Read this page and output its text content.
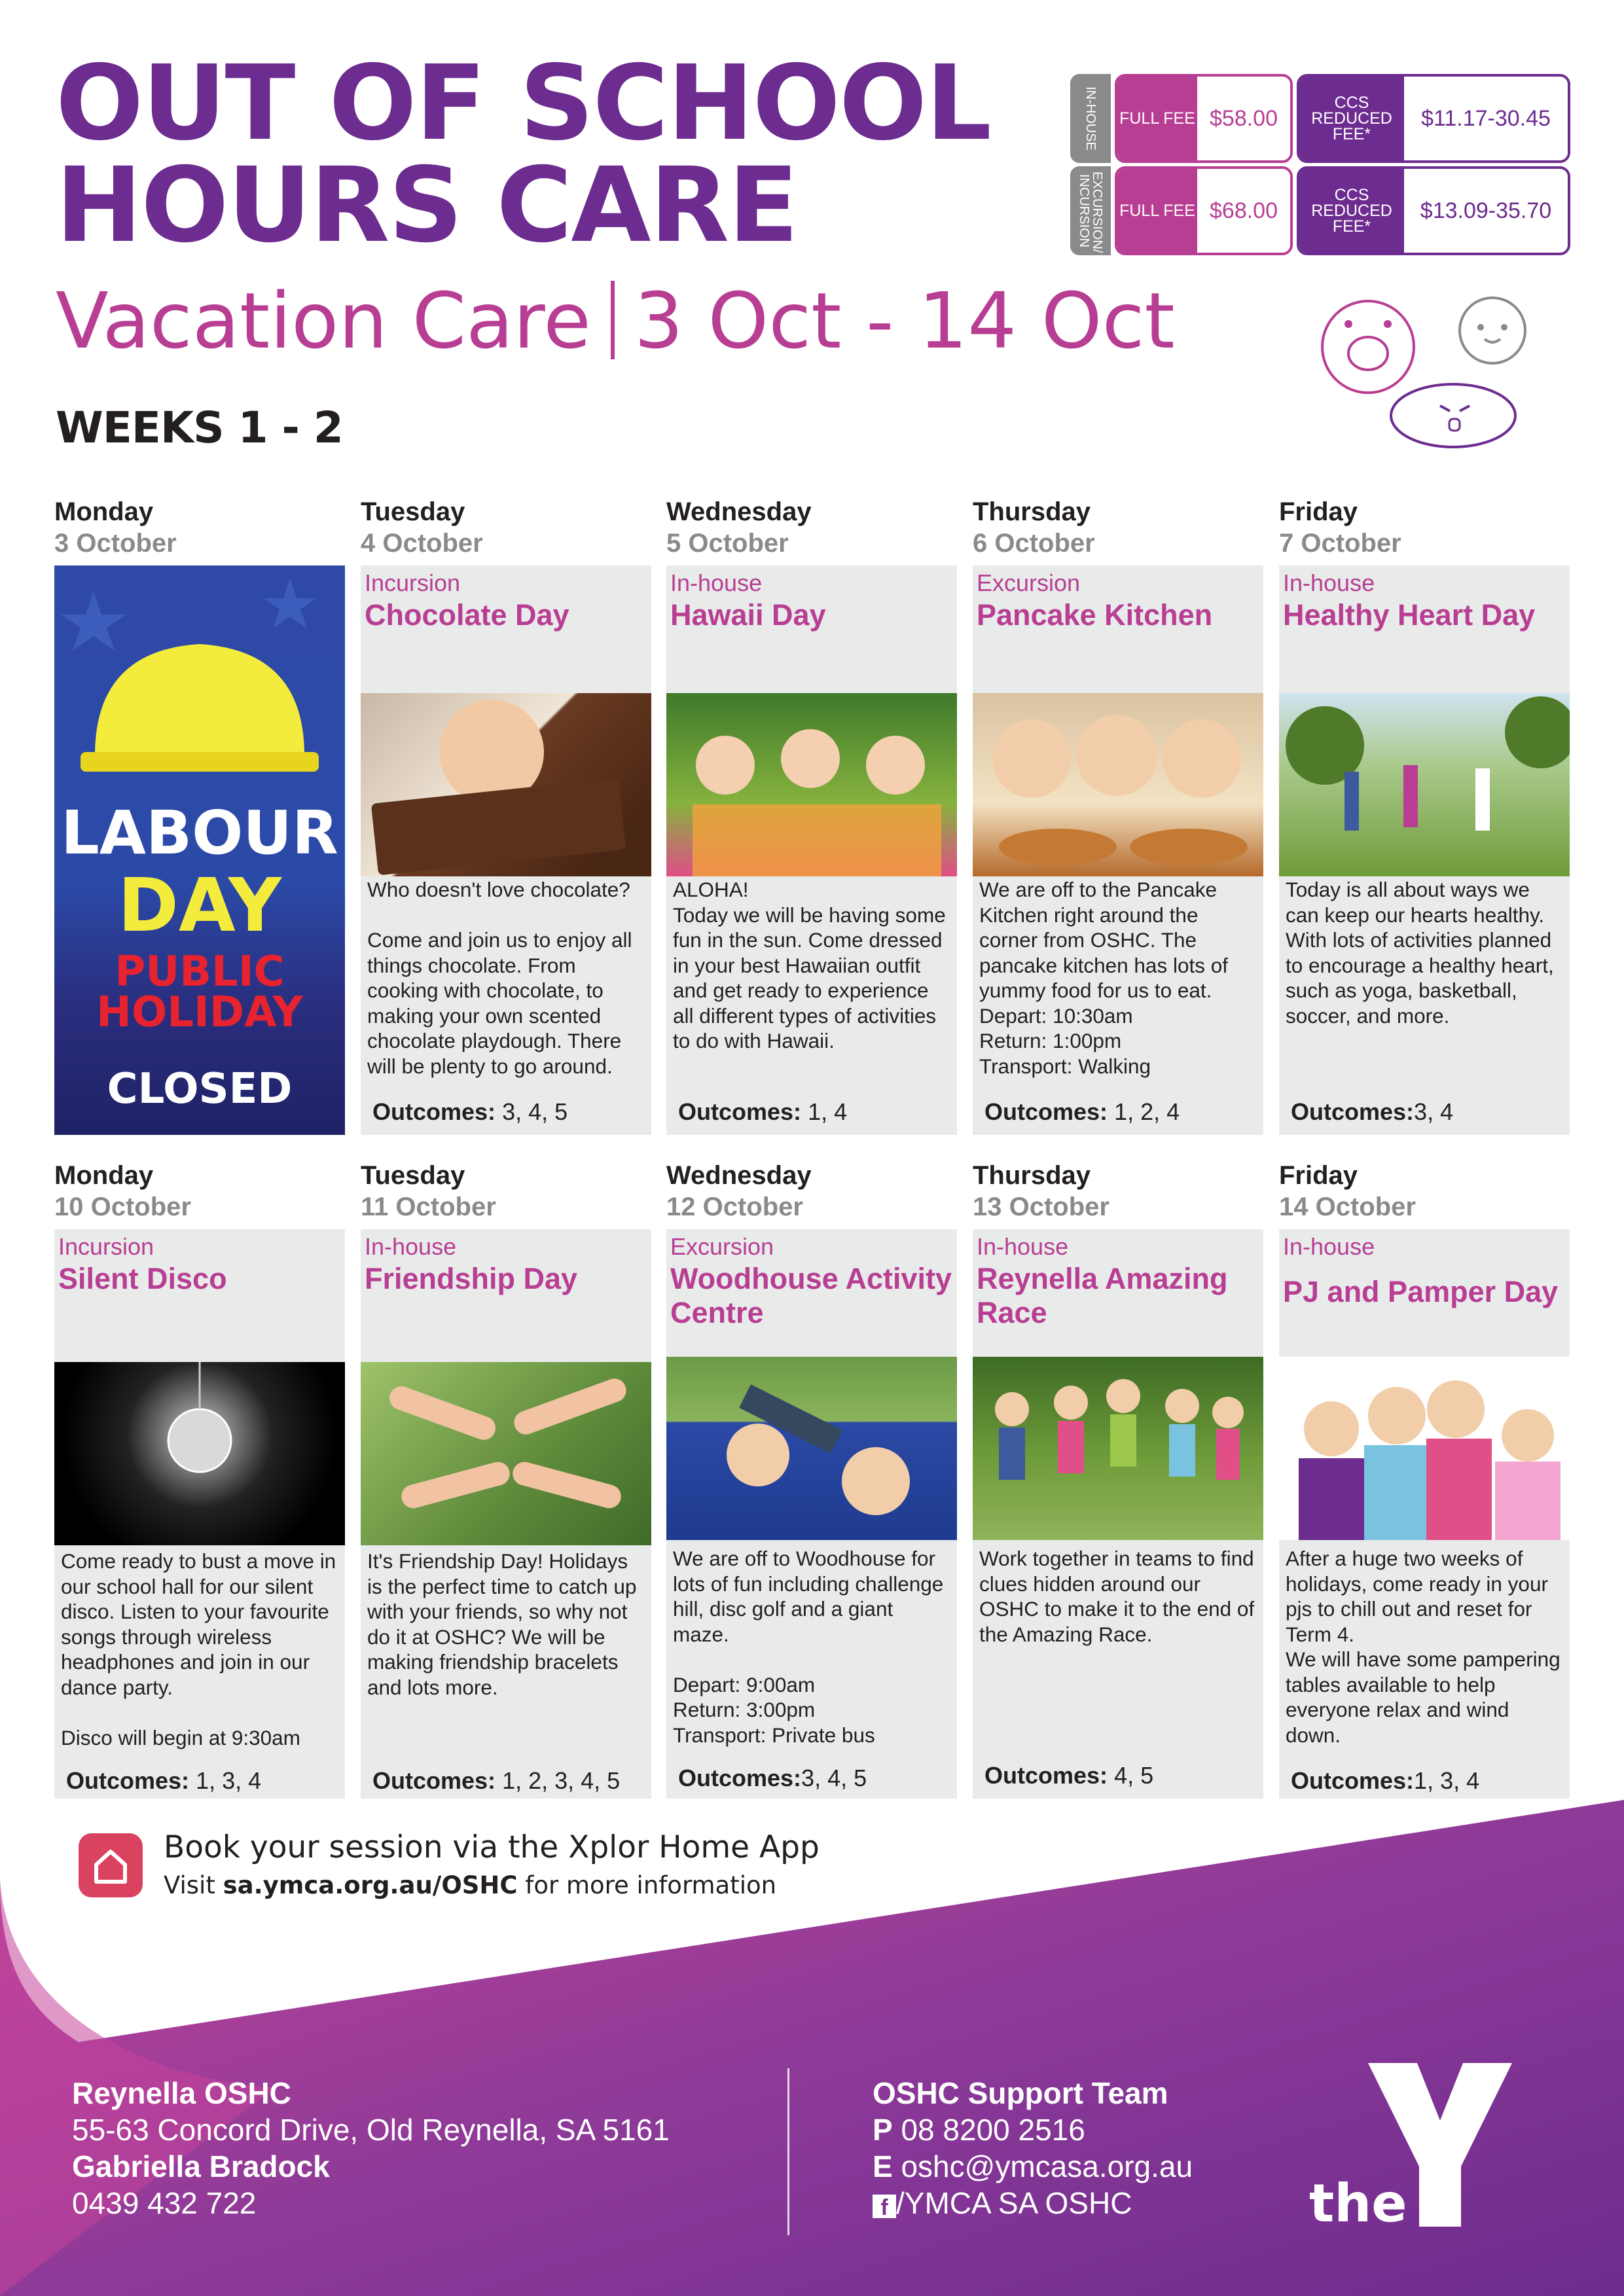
OUT OF SCHOOL
HOURS CARE
Vacation Care 3 Oct - 14 Oct
WEEKS 1 - 2
IN-HOUSE FULL FEE $58.00
CCS REDUCED FEE*
$11.17-30.45
EXCURSION/ INCURSION	FULL FEE $68.00
CCS REDUCED FEE*
$13.09-35.70
Monday
3 October
Tuesday
4 October
Wednesday
5 October
Thursday
6 October
Friday
7 October
LABOUR
DAY
PUBLIC
HOLIDAY
CLOSED
Incursion
Chocolate Day
Who doesn't love chocolate?

Come and join us to enjoy all things chocolate. From cooking with chocolate, to making your own scented chocolate playdough. There will be plenty to go around.
Outcomes: 3, 4, 5
In-house
Hawaii Day
ALOHA!
Today we will be having some fun in the sun. Come dressed in your best Hawaiian outfit and get ready to experience all different types of activities to do with Hawaii.
Outcomes: 1, 4
Excursion
Pancake Kitchen
We are off to the Pancake Kitchen right around the corner from OSHC. The pancake kitchen has lots of yummy food for us to eat.
Depart: 10:30am
Return: 1:00pm
Transport: Walking
Outcomes: 1, 2, 4
In-house
Healthy Heart Day
Today is all about ways we can keep our hearts healthy. With lots of activities planned to encourage a healthy heart, such as yoga, basketball, soccer, and more.
Outcomes:3, 4
Monday
10 October
Tuesday
11 October
Wednesday
12 October
Thursday
13 October
Friday
14 October
Incursion
Silent Disco
Come ready to bust a move in our school hall for our silent disco. Listen to your favourite songs through wireless headphones and join in our dance party.

Disco will begin at 9:30am
Outcomes: 1, 3, 4
In-house
Friendship Day
It's Friendship Day! Holidays is the perfect time to catch up with your friends, so why not do it at OSHC? We will be making friendship bracelets and lots more.
Outcomes: 1, 2, 3, 4, 5
Excursion
Woodhouse Activity Centre
We are off to Woodhouse for lots of fun including challenge hill, disc golf and a giant maze.

Depart: 9:00am
Return: 3:00pm
Transport: Private bus
Outcomes:3, 4, 5
In-house
Reynella Amazing Race
Work together in teams to find clues hidden around our OSHC to make it to the end of the Amazing Race.
Outcomes: 4, 5
In-house
PJ and Pamper Day
After a huge two weeks of holidays, come ready in your pjs to chill out and reset for Term 4.
We will have some pampering tables available to help everyone relax and wind down.
Outcomes:1, 3, 4
Book your session via the Xplor Home App
Visit sa.ymca.org.au/OSHC for more information
Reynella OSHC
55-63 Concord Drive, Old Reynella, SA 5161
Gabriella Bradock
0439 432 722
OSHC Support Team
P 08 8200 2516
E oshc@ymcasa.org.au
f /YMCA SA OSHC	the
